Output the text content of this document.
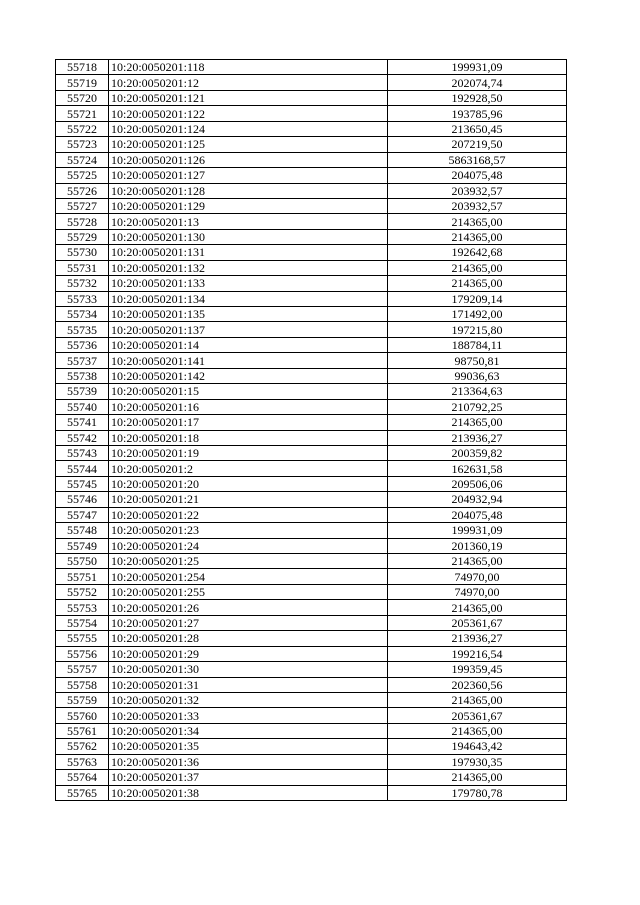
55718	10:20:0050201:118	199931,09
55719	10:20:0050201:12	202074,74
55720	10:20:0050201:121	192928,50
55721	10:20:0050201:122	193785,96
55722	10:20:0050201:124	213650,45
55723	10:20:0050201:125	207219,50
55724	10:20:0050201:126	5863168,57
55725	10:20:0050201:127	204075,48
55726	10:20:0050201:128	203932,57
55727	10:20:0050201:129	203932,57
55728	10:20:0050201:13	214365,00
55729	10:20:0050201:130	214365,00
55730	10:20:0050201:131	192642,68
55731	10:20:0050201:132	214365,00
55732	10:20:0050201:133	214365,00
55733	10:20:0050201:134	179209,14
55734	10:20:0050201:135	171492,00
55735	10:20:0050201:137	197215,80
55736	10:20:0050201:14	188784,11
55737	10:20:0050201:141	98750,81
55738	10:20:0050201:142	99036,63
55739	10:20:0050201:15	213364,63
55740	10:20:0050201:16	210792,25
55741	10:20:0050201:17	214365,00
55742	10:20:0050201:18	213936,27
55743	10:20:0050201:19	200359,82
55744	10:20:0050201:2	162631,58
55745	10:20:0050201:20	209506,06
55746	10:20:0050201:21	204932,94
55747	10:20:0050201:22	204075,48
55748	10:20:0050201:23	199931,09
55749	10:20:0050201:24	201360,19
55750	10:20:0050201:25	214365,00
55751	10:20:0050201:254	74970,00
55752	10:20:0050201:255	74970,00
55753	10:20:0050201:26	214365,00
55754	10:20:0050201:27	205361,67
55755	10:20:0050201:28	213936,27
55756	10:20:0050201:29	199216,54
55757	10:20:0050201:30	199359,45
55758	10:20:0050201:31	202360,56
55759	10:20:0050201:32	214365,00
55760	10:20:0050201:33	205361,67
55761	10:20:0050201:34	214365,00
55762	10:20:0050201:35	194643,42
55763	10:20:0050201:36	197930,35
55764	10:20:0050201:37	214365,00
55765	10:20:0050201:38	179780,78
